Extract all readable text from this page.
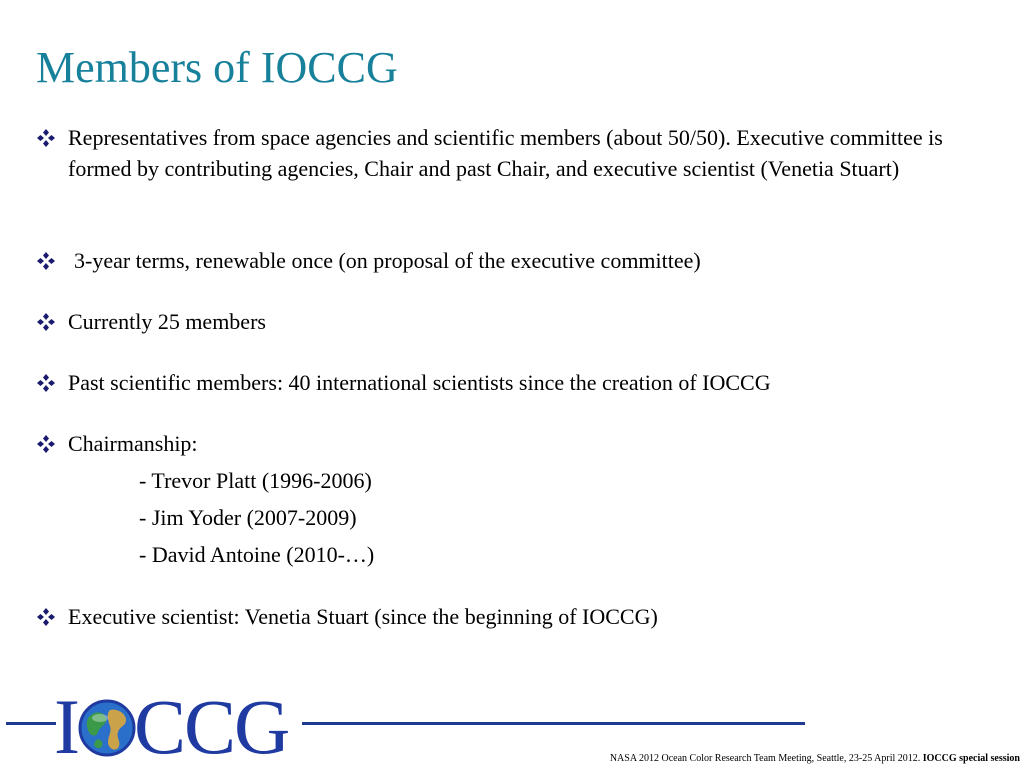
Members of IOCCG
Representatives from space agencies and scientific members (about 50/50). Executive committee is formed by contributing agencies, Chair and past Chair, and executive scientist (Venetia Stuart)
3-year terms, renewable once (on proposal of the executive committee)
Currently 25 members
Past scientific members: 40 international scientists since the creation of IOCCG
Chairmanship:
- Trevor Platt (1996-2006)
- Jim Yoder (2007-2009)
- David Antoine (2010-…)
Executive scientist: Venetia Stuart (since the beginning of IOCCG)
I C C G	NASA 2012 Ocean Color Research Team Meeting, Seattle, 23-25 April 2012. IOCCG special session
